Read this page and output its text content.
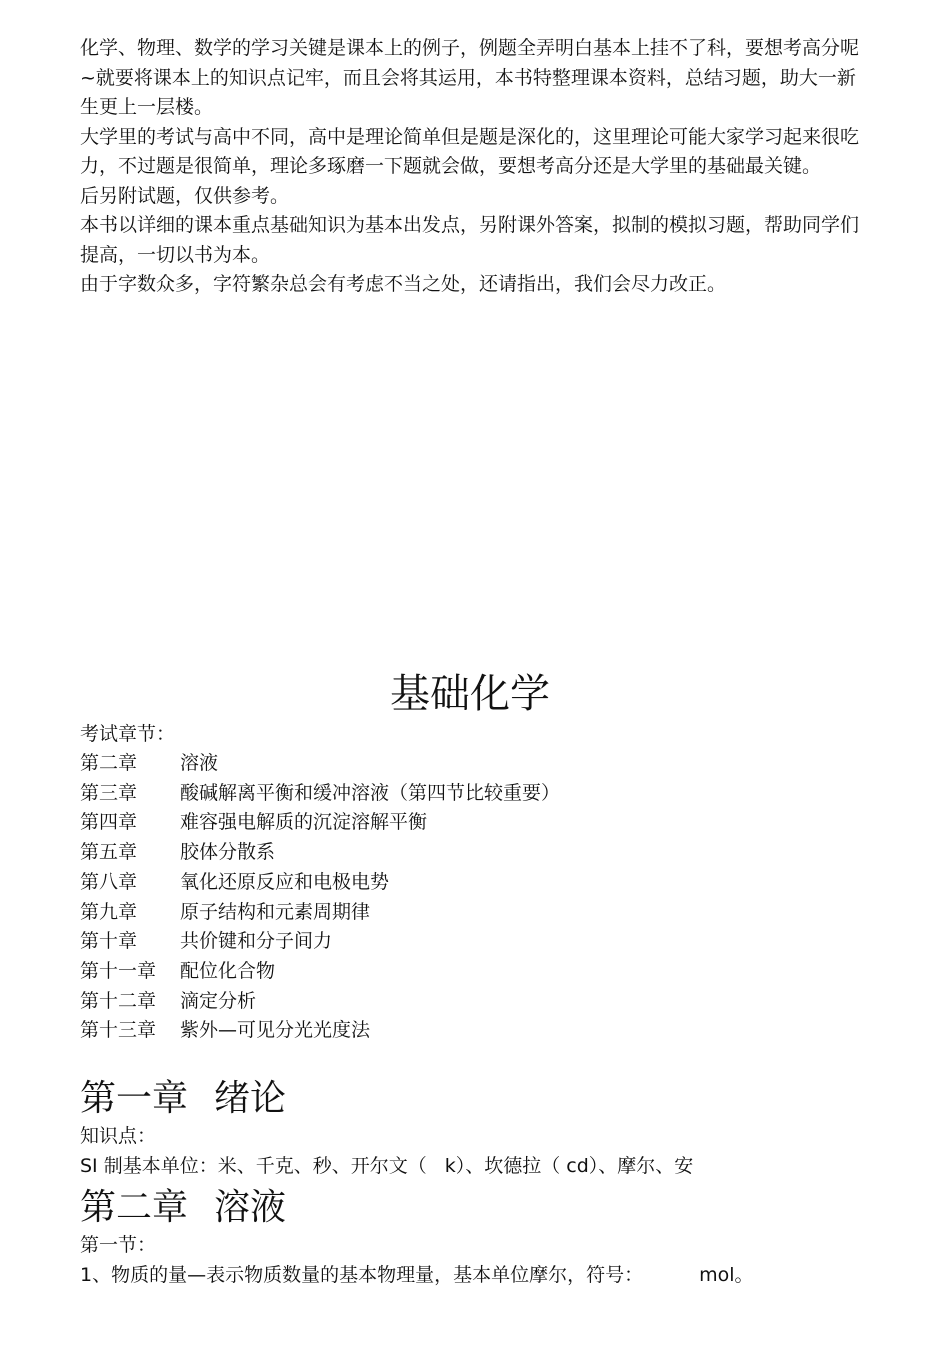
化学、物理、数学的学习关键是课本上的例子，例题全弄明白基本上挂不了科，要想考高分呢 ~就要将课本上的知识点记牢，而且会将其运用，本书特整理课本资料，总结习题，助大一新生更上一层楼。

大学里的考试与高中不同，高中是理论简单但是题是深化的，这里理论可能大家学习起来很吃力，不过题是很简单，理论多琢磨一下题就会做，要想考高分还是大学里的基础最关键。

后另附试题，仅供参考。

本书以详细的课本重点基础知识为基本出发点，另附课外答案，拟制的模拟习题，帮助同学们提高，一切以书为本。

由于字数众多，字符繁杂总会有考虑不当之处，还请指出，我们会尽力改正。

基础化学
考试章节：
第二章 溶液
第三章 酸碱解离平衡和缓冲溶液（第四节比较重要）
第四章 难容强电解质的沉淀溶解平衡
第五章 胶体分散系
第八章 氧化还原反应和电极电势
第九章 原子结构和元素周期律
第十章 共价键和分子间力
第十一章 配位化合物
第十二章 滴定分析
第十三章 紫外—可见分光光度法
第一章 绪论

知识点：

SI 制基本单位：米、千克、秒、开尔文（ k）、坎德拉（ cd）、摩尔、安

第二章 溶液

第一节：

1、物质的量—表示物质数量的基本物理量，基本单位摩尔，符号：	mol。
